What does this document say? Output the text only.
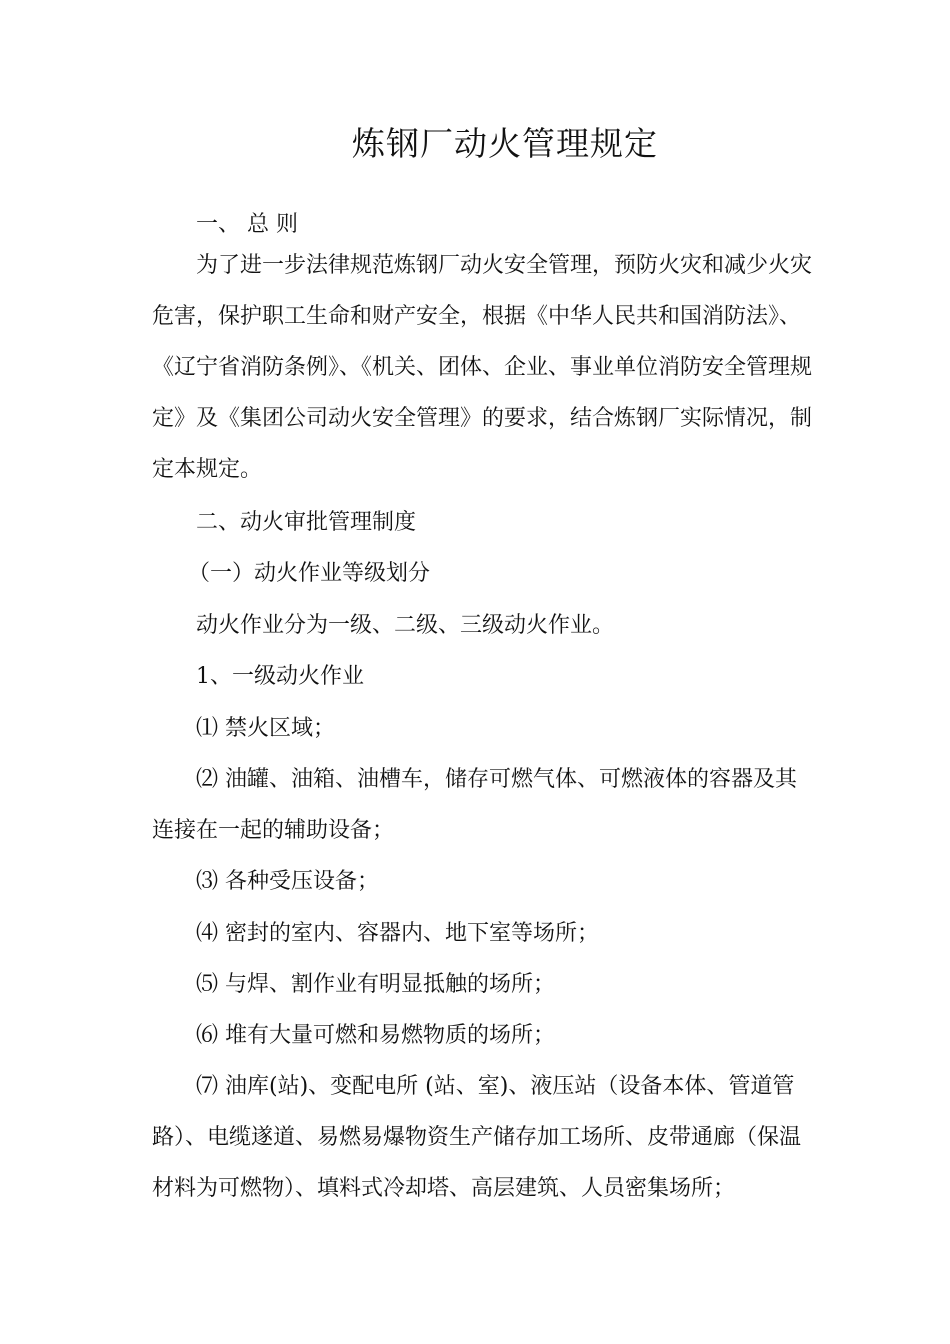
炼钢厂动火管理规定
一、 总 则
为了进一步法律规范炼钢厂动火安全管理，预防火灾和减少火灾危害，保护职工生命和财产安全，根据《中华人民共和国消防法》、《辽宁省消防条例》、《机关、团体、企业、事业单位消防安全管理规定》及《集团公司动火安全管理》的要求，结合炼钢厂实际情况，制定本规定。
二、动火审批管理制度
（一）动火作业等级划分
动火作业分为一级、二级、三级动火作业。
1、一级动火作业
⑴ 禁火区域；
⑵ 油罐、油箱、油槽车，储存可燃气体、可燃液体的容器及其连接在一起的辅助设备；
⑶ 各种受压设备；
⑷ 密封的室内、容器内、地下室等场所；
⑸ 与焊、割作业有明显抵触的场所；
⑹ 堆有大量可燃和易燃物质的场所；
⑺ 油库(站)、变配电所 (站、室)、液压站（设备本体、管道管路）、电缆遂道、易燃易爆物资生产储存加工场所、皮带通廊（保温材料为可燃物）、填料式冷却塔、高层建筑、人员密集场所；
